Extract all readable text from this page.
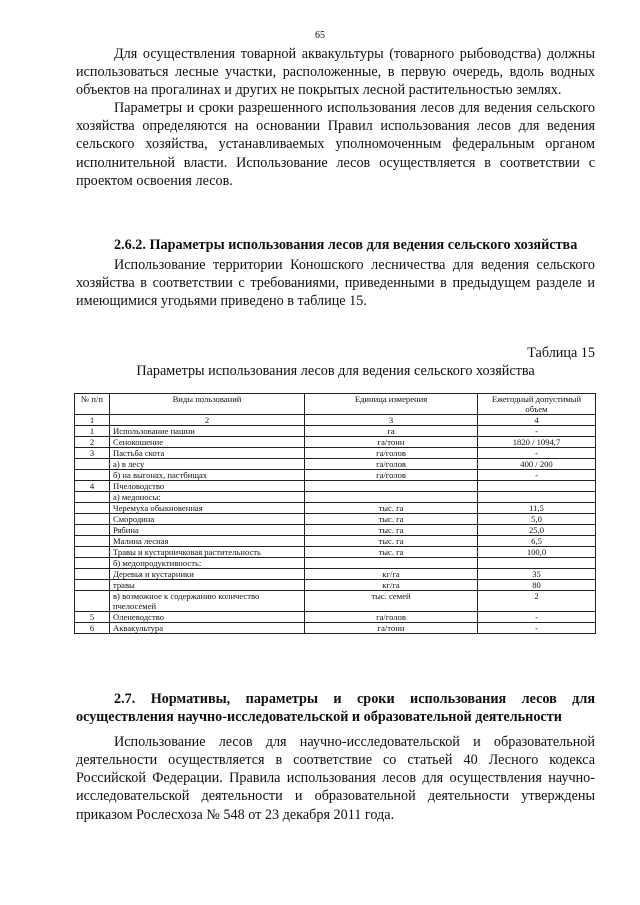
65

Для осуществления товарной аквакультуры (товарного рыбоводства) должны использоваться лесные участки, расположенные, в первую очередь, вдоль водных объектов на прогалинах и других не покрытых лесной растительностью землях.

Параметры и сроки разрешенного использования лесов для ведения сельского хозяйства определяются на основании Правил использования лесов для ведения сельского хозяйства, устанавливаемых уполномоченным федеральным органом исполнительной власти. Использование лесов осуществляется в соответствии с проектом освоения лесов.

2.6.2. Параметры использования лесов для ведения сельского хозяйства

Использование территории Коношского лесничества для ведения сельского хозяйства в соответствии с требованиями, приведенными в предыдущем разделе и имеющимися угодьями приведено в таблице 15.

Таблица 15
Параметры использования лесов для ведения сельского хозяйства
№ п/п	Виды пользований	Единица измерения	Ежегодный допустимый объем
1	2	3	4
1	Использование пашни	га	-
2	Сенокошение	га/тонн	1820 / 1094,7
3	Пастьба скота	га/голов	-
	а) в лесу	га/голов	400 / 200
	б) на выгонах, пастбищах	га/голов	-
4	Пчеловодство		
	а) медоносы:		
	Черемуха обыкновенная	тыс. га	11,5
	Смородина	тыс. га	5,0
	Рябина	тыс. га	25,0
	Малина лесная	тыс. га	6,5
	Травы и кустарничковая растительность	тыс. га	100,0
	б) медопродуктивность:		
	Деревья и кустарники	кг/га	35
	травы	кг/га	80
	в) возможное к содержанию количество пчелосемей	тыс. семей	2
5	Оленеводство	га/голов	-
6	Аквакультура	га/тонн	-

2.7. Нормативы, параметры и сроки использования лесов для осуществления научно-исследовательской и образовательной деятельности

Использование лесов для научно-исследовательской и образовательной деятельности осуществляется в соответствие со статьей 40 Лесного кодекса Российской Федерации. Правила использования лесов для осуществления научно-исследовательской деятельности и образовательной деятельности утверждены приказом Рослесхоза № 548 от 23 декабря 2011 года.
